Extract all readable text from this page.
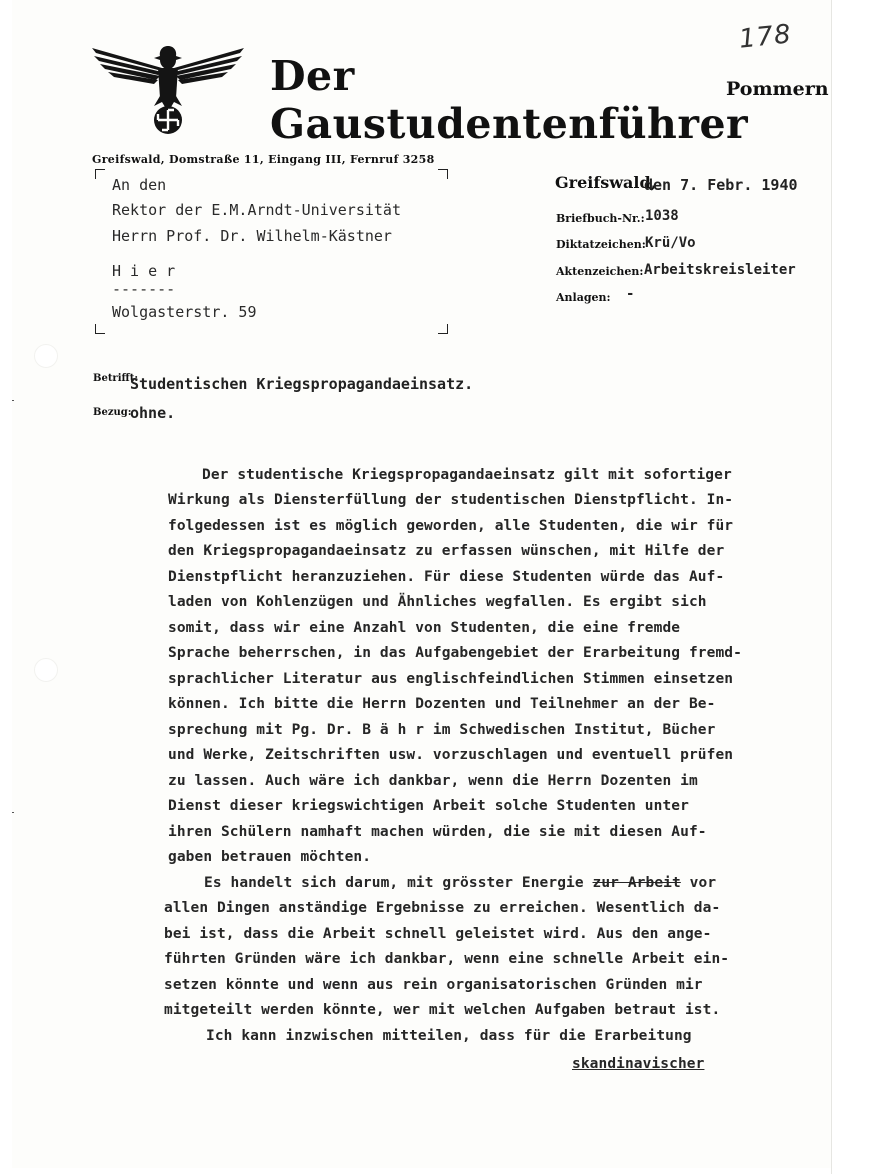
178
Der Gaustudentenführer
Pommern
Greifswald, Domstraße 11, Eingang III, Fernruf 3258
An den
Rektor der E.M.Arndt-Universität
Herrn Prof. Dr. Wilhelm-Kästner
H i e r
-------
Wolgasterstr. 59
Greifswald,
den 7. Febr. 1940
Briefbuch-Nr.: 1038
Diktatzeichen: Krü/Vo
Aktenzeichen: Arbeitskreisleiter
Anlagen: -
Betrifft:
Studentischen Kriegspropagandaeinsatz.
Bezug:
ohne.
Der studentische Kriegspropagandaeinsatz gilt mit sofortiger
Wirkung als Diensterfüllung der studentischen Dienstpflicht. In-
folgedessen ist es möglich geworden, alle Studenten, die wir für
den Kriegspropagandaeinsatz zu erfassen wünschen, mit Hilfe der
Dienstpflicht heranzuziehen. Für diese Studenten würde das Auf-
laden von Kohlenzügen und Ähnliches wegfallen. Es ergibt sich
somit, dass wir eine Anzahl von Studenten, die eine fremde
Sprache beherrschen, in das Aufgabengebiet der Erarbeitung fremd-
sprachlicher Literatur aus englischfeindlichen Stimmen einsetzen
können. Ich bitte die Herrn Dozenten und Teilnehmer an der Be-
sprechung mit Pg. Dr. B ä h r im Schwedischen Institut, Bücher
und Werke, Zeitschriften usw. vorzuschlagen und eventuell prüfen
zu lassen. Auch wäre ich dankbar, wenn die Herrn Dozenten im
Dienst dieser kriegswichtigen Arbeit solche Studenten unter
ihren Schülern namhaft machen würden, die sie mit diesen Auf-
gaben betrauen möchten.
Es handelt sich darum, mit grösster Energie zur Arbeit vor
allen Dingen anständige Ergebnisse zu erreichen. Wesentlich da-
bei ist, dass die Arbeit schnell geleistet wird. Aus den ange-
führten Gründen wäre ich dankbar, wenn eine schnelle Arbeit ein-
setzen könnte und wenn aus rein organisatorischen Gründen mir
mitgeteilt werden könnte, wer mit welchen Aufgaben betraut ist.
Ich kann inzwischen mitteilen, dass für die Erarbeitung
skandinavischer
